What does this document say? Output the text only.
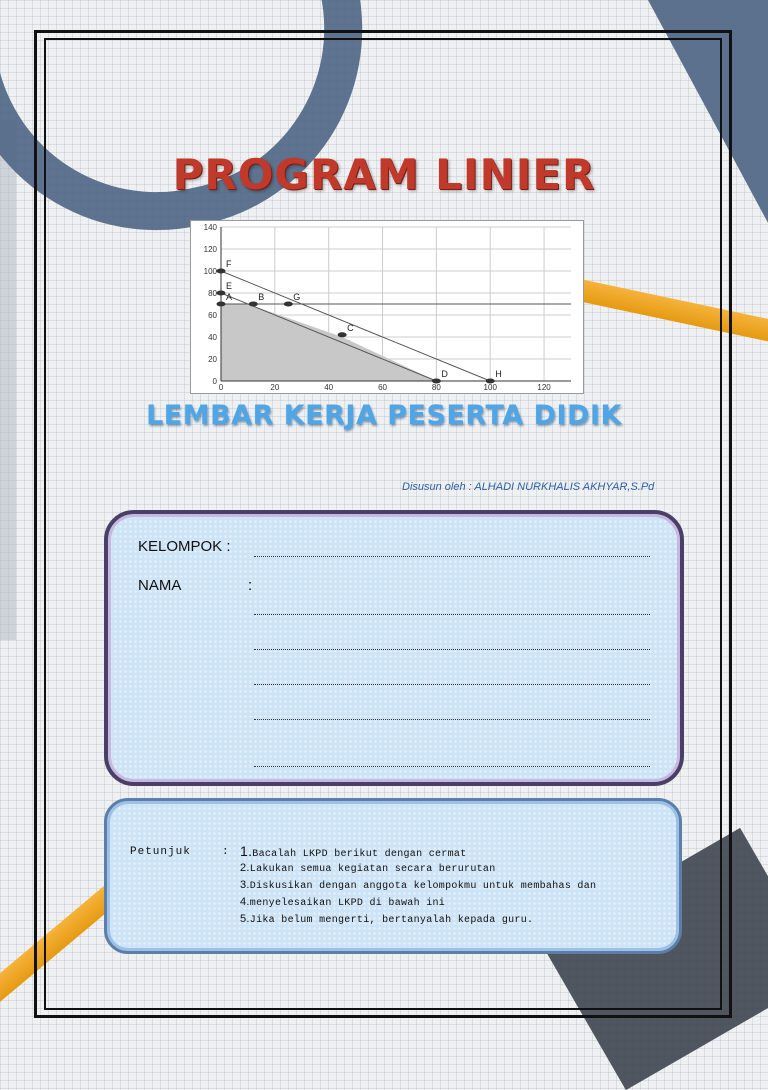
PROGRAM LINIER
0	20	40	60	80	100	120
0
20
40
60
80
100
120
140
A	B	G
C
D	H
E
F
LEMBAR KERJA PESERTA DIDIK
Disusun oleh : ALHADI NURKHALIS AKHYAR,S.Pd
KELOMPOK :
NAMA	:
Petunjuk	: 1.Bacalah LKPD berikut dengan cermat
2.Lakukan semua kegiatan secara berurutan
3.Diskusikan dengan anggota kelompokmu untuk membahas dan
4.menyelesaikan LKPD di bawah ini
5.Jika belum mengerti, bertanyalah kepada guru.
